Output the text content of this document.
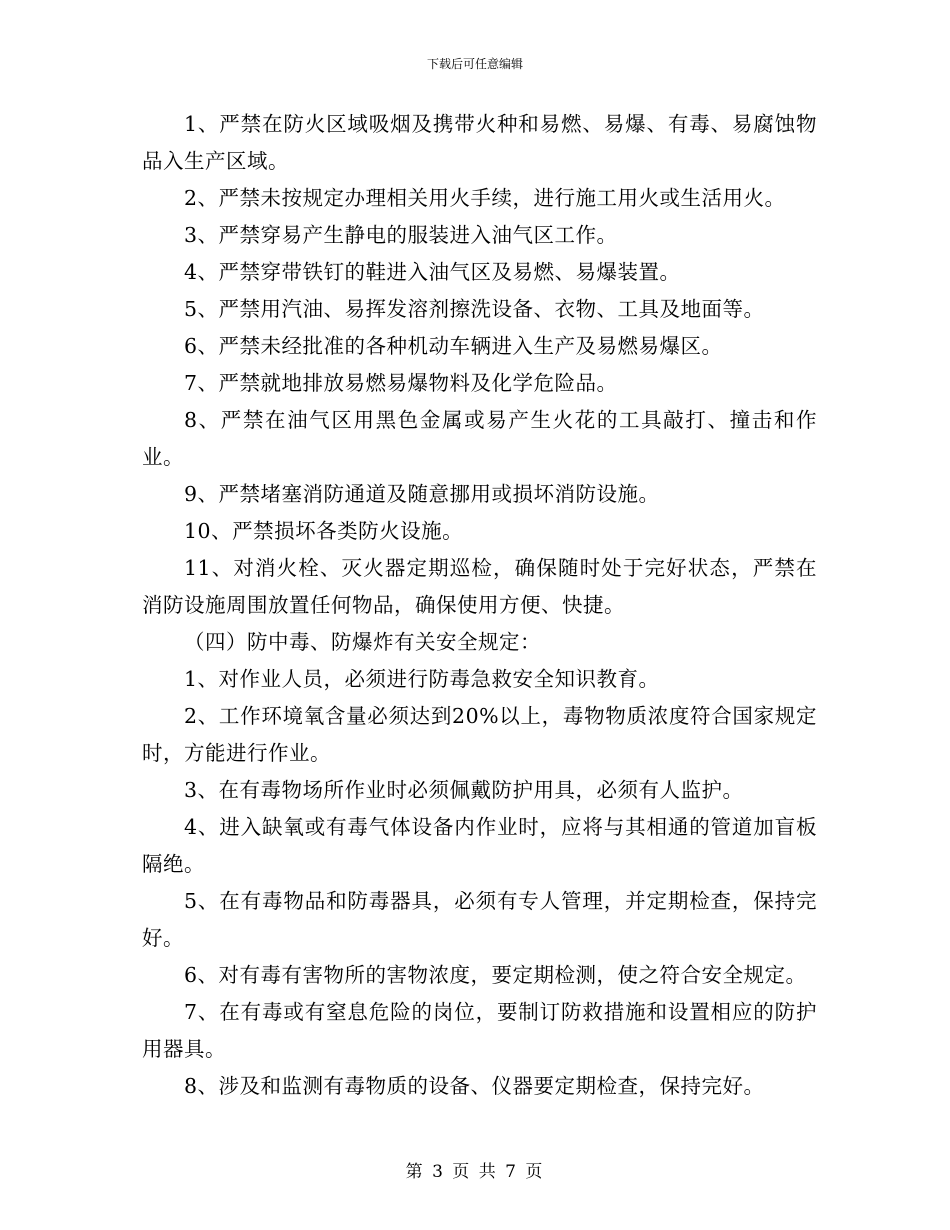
下载后可任意编辑

1、严禁在防火区域吸烟及携带火种和易燃、易爆、有毒、易腐蚀物品入生产区域。

2、严禁未按规定办理相关用火手续，进行施工用火或生活用火。

3、严禁穿易产生静电的服装进入油气区工作。

4、严禁穿带铁钉的鞋进入油气区及易燃、易爆装置。

5、严禁用汽油、易挥发溶剂擦洗设备、衣物、工具及地面等。

6、严禁未经批准的各种机动车辆进入生产及易燃易爆区。

7、严禁就地排放易燃易爆物料及化学危险品。

8、严禁在油气区用黑色金属或易产生火花的工具敲打、撞击和作业。

9、严禁堵塞消防通道及随意挪用或损坏消防设施。

10、严禁损坏各类防火设施。

11、对消火栓、灭火器定期巡检，确保随时处于完好状态，严禁在消防设施周围放置任何物品，确保使用方便、快捷。

（四）防中毒、防爆炸有关安全规定：

1、对作业人员，必须进行防毒急救安全知识教育。

2、工作环境氧含量必须达到20%以上，毒物物质浓度符合国家规定时，方能进行作业。

3、在有毒物场所作业时必须佩戴防护用具，必须有人监护。

4、进入缺氧或有毒气体设备内作业时，应将与其相通的管道加盲板隔绝。

5、在有毒物品和防毒器具，必须有专人管理，并定期检查，保持完好。

6、对有毒有害物所的害物浓度，要定期检测，使之符合安全规定。

7、在有毒或有窒息危险的岗位，要制订防救措施和设置相应的防护用器具。

8、涉及和监测有毒物质的设备、仪器要定期检查，保持完好。

第 3 页 共 7 页
